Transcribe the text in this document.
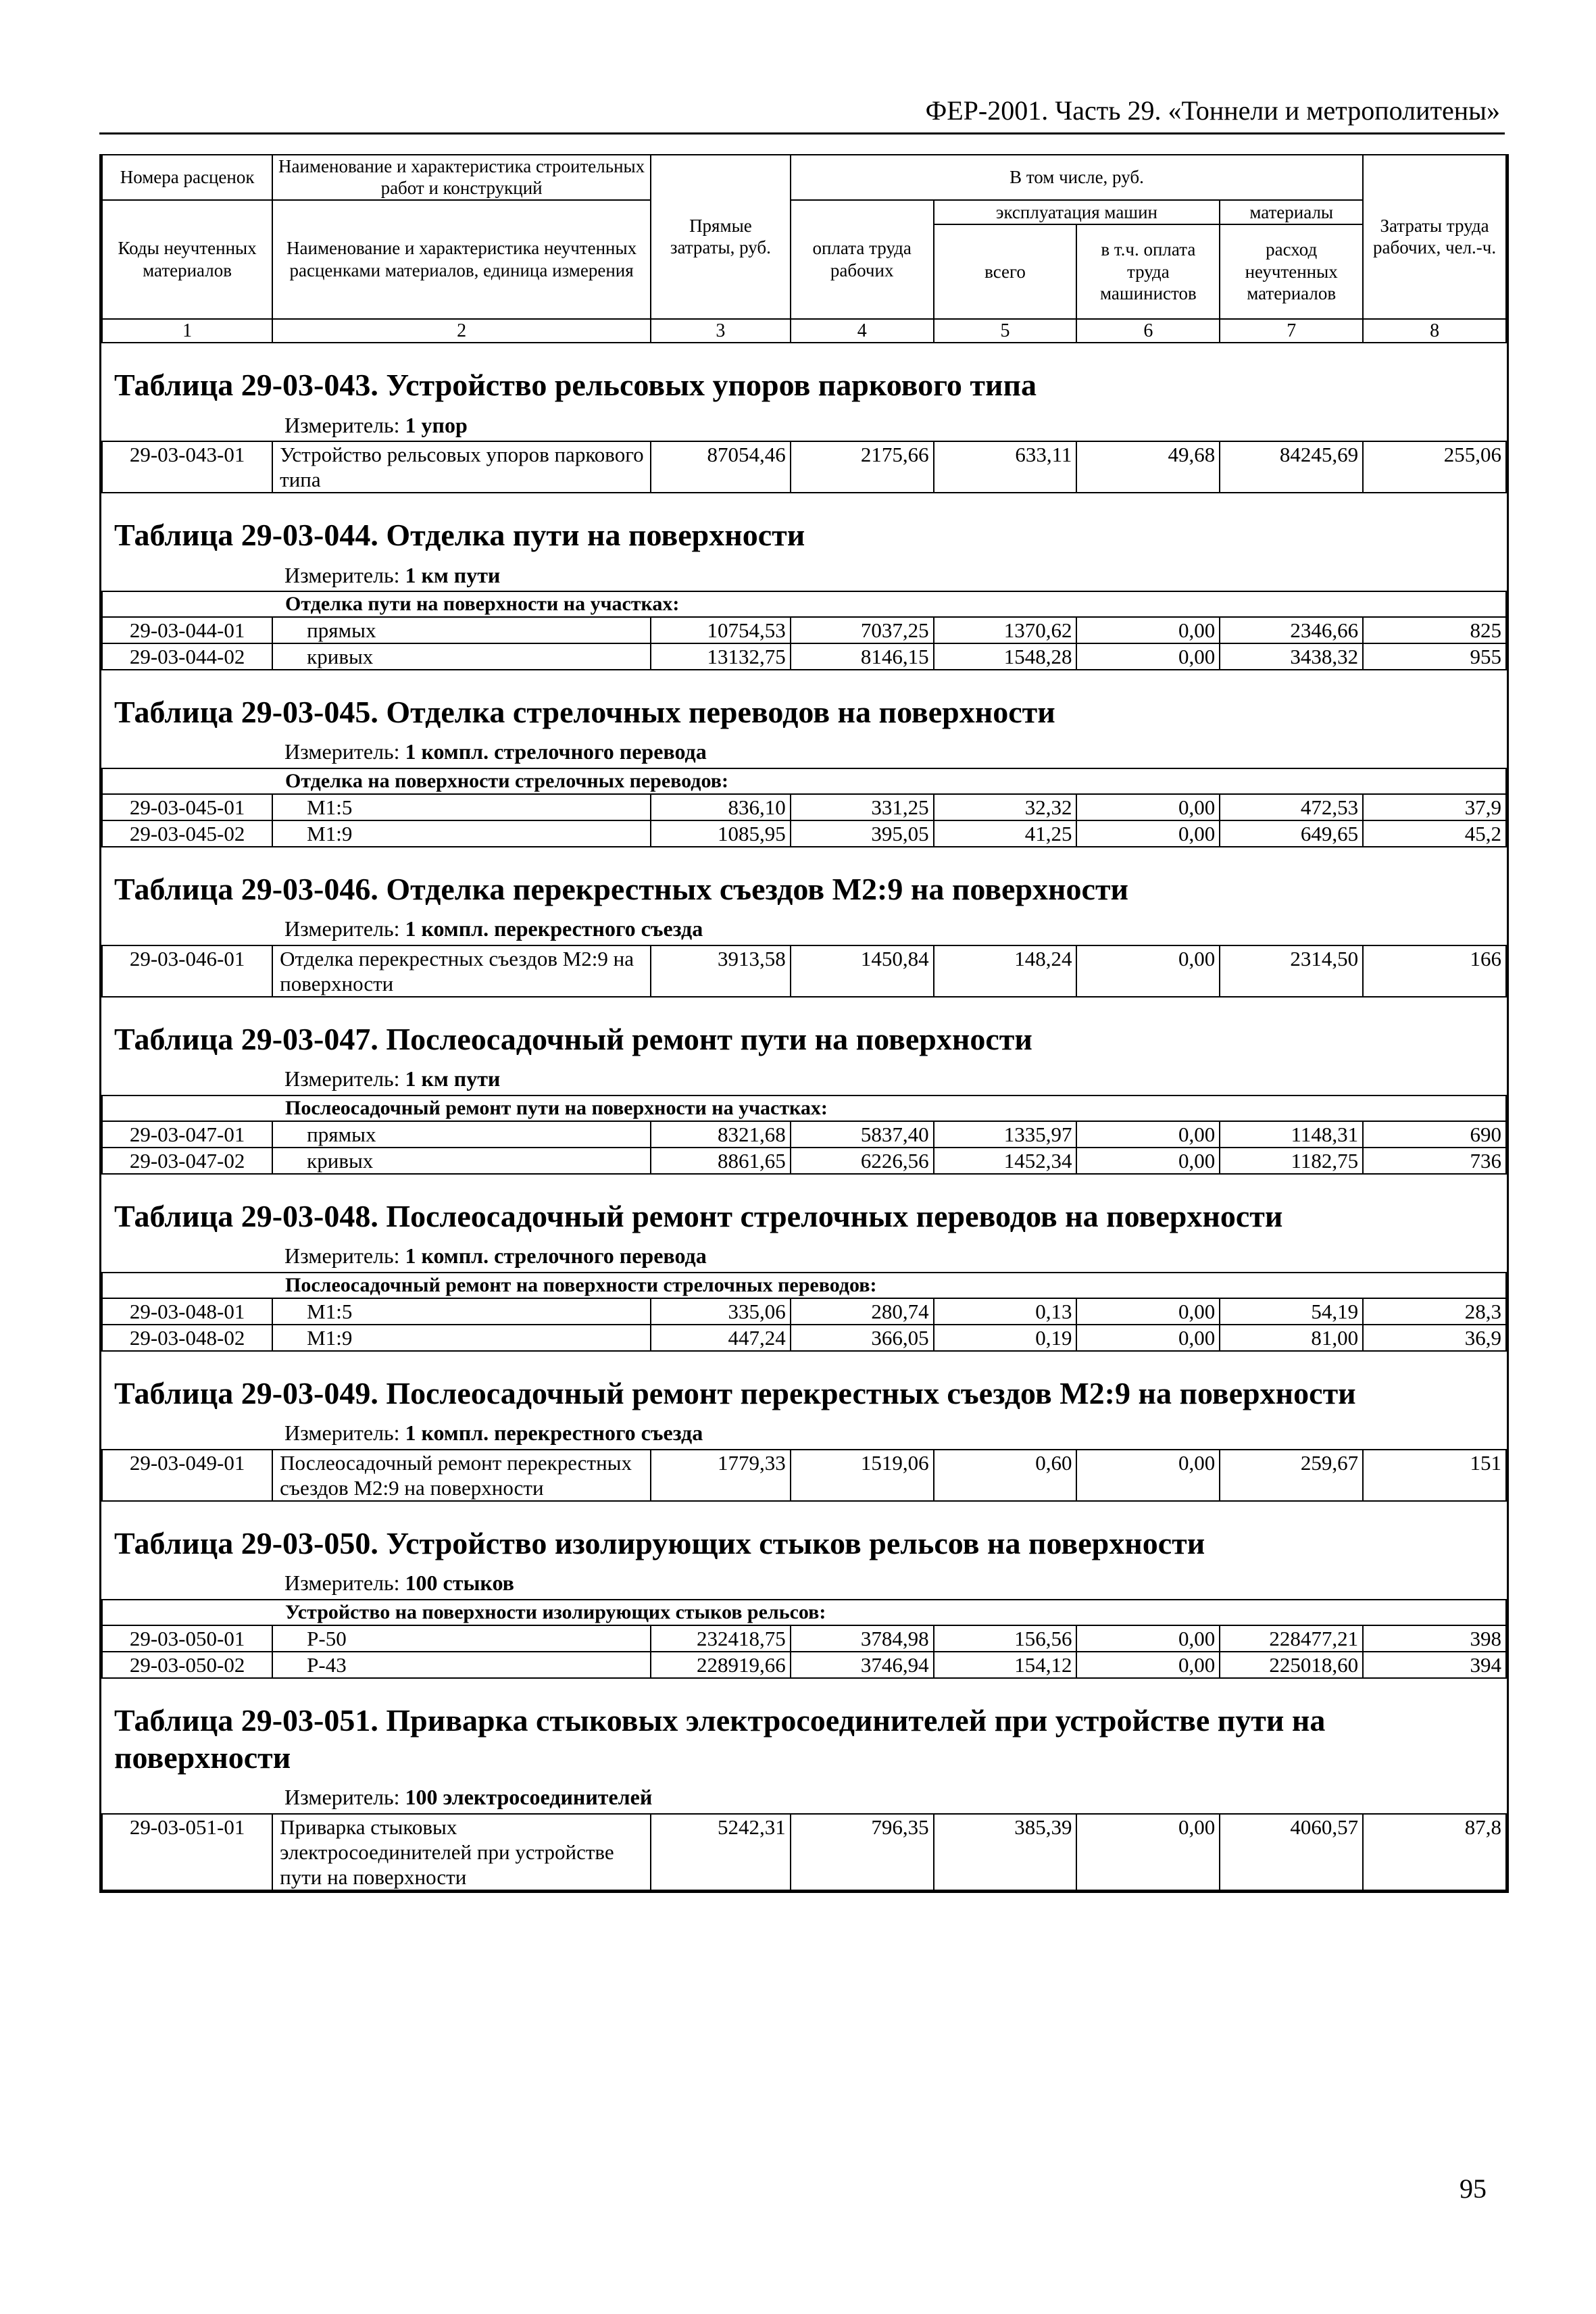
ФЕР-2001. Часть 29. «Тоннели и метрополитены»
Номера расценок	Наименование и характеристика строительных работ и конструкций	Прямые затраты, руб.	В том числе, руб.				Затраты труда рабочих, чел.-ч.
Коды неучтенных материалов	Наименование и характеристика неучтенных расценками материалов, единица измерения		оплата труда рабочих	эксплуатация машин		материалы	
				всего	в т.ч. оплата труда машинистов	расход неучтенных материалов	
1	2	3	4	5	6	7	8
Таблица 29-03-043. Устройство рельсовых упоров паркового типа							
Измеритель: 1 упор							
29-03-043-01	Устройство рельсовых упоров паркового типа	87054,46	2175,66	633,11	49,68	84245,69	255,06
Таблица 29-03-044. Отделка пути на поверхности							
Измеритель: 1 км пути							
Отделка пути на поверхности на участках:							
29-03-044-01	прямых	10754,53	7037,25	1370,62	0,00	2346,66	825
29-03-044-02	кривых	13132,75	8146,15	1548,28	0,00	3438,32	955
Таблица 29-03-045. Отделка стрелочных переводов на поверхности							
Измеритель: 1 компл. стрелочного перевода							
Отделка на поверхности стрелочных переводов:							
29-03-045-01	М1:5	836,10	331,25	32,32	0,00	472,53	37,9
29-03-045-02	М1:9	1085,95	395,05	41,25	0,00	649,65	45,2
Таблица 29-03-046. Отделка перекрестных съездов М2:9 на поверхности							
Измеритель: 1 компл. перекрестного съезда							
29-03-046-01	Отделка перекрестных съездов М2:9 на поверхности	3913,58	1450,84	148,24	0,00	2314,50	166
Таблица 29-03-047. Послеосадочный ремонт пути на поверхности							
Измеритель: 1 км пути							
Послеосадочный ремонт пути на поверхности на участках:							
29-03-047-01	прямых	8321,68	5837,40	1335,97	0,00	1148,31	690
29-03-047-02	кривых	8861,65	6226,56	1452,34	0,00	1182,75	736
Таблица 29-03-048. Послеосадочный ремонт стрелочных переводов на поверхности							
Измеритель: 1 компл. стрелочного перевода							
Послеосадочный ремонт на поверхности стрелочных переводов:							
29-03-048-01	М1:5	335,06	280,74	0,13	0,00	54,19	28,3
29-03-048-02	М1:9	447,24	366,05	0,19	0,00	81,00	36,9
Таблица 29-03-049. Послеосадочный ремонт перекрестных съездов М2:9 на поверхности							
Измеритель: 1 компл. перекрестного съезда							
29-03-049-01	Послеосадочный ремонт перекрестных съездов М2:9 на поверхности	1779,33	1519,06	0,60	0,00	259,67	151
Таблица 29-03-050. Устройство изолирующих стыков рельсов на поверхности							
Измеритель: 100 стыков							
Устройство на поверхности изолирующих стыков рельсов:							
29-03-050-01	Р-50	232418,75	3784,98	156,56	0,00	228477,21	398
29-03-050-02	Р-43	228919,66	3746,94	154,12	0,00	225018,60	394
Таблица 29-03-051. Приварка стыковых электросоединителей при устройстве пути на поверхности							
Измеритель: 100 электросоединителей							
29-03-051-01	Приварка стыковых электросоединителей при устройстве пути на поверхности	5242,31	796,35	385,39	0,00	4060,57	87,8
95
